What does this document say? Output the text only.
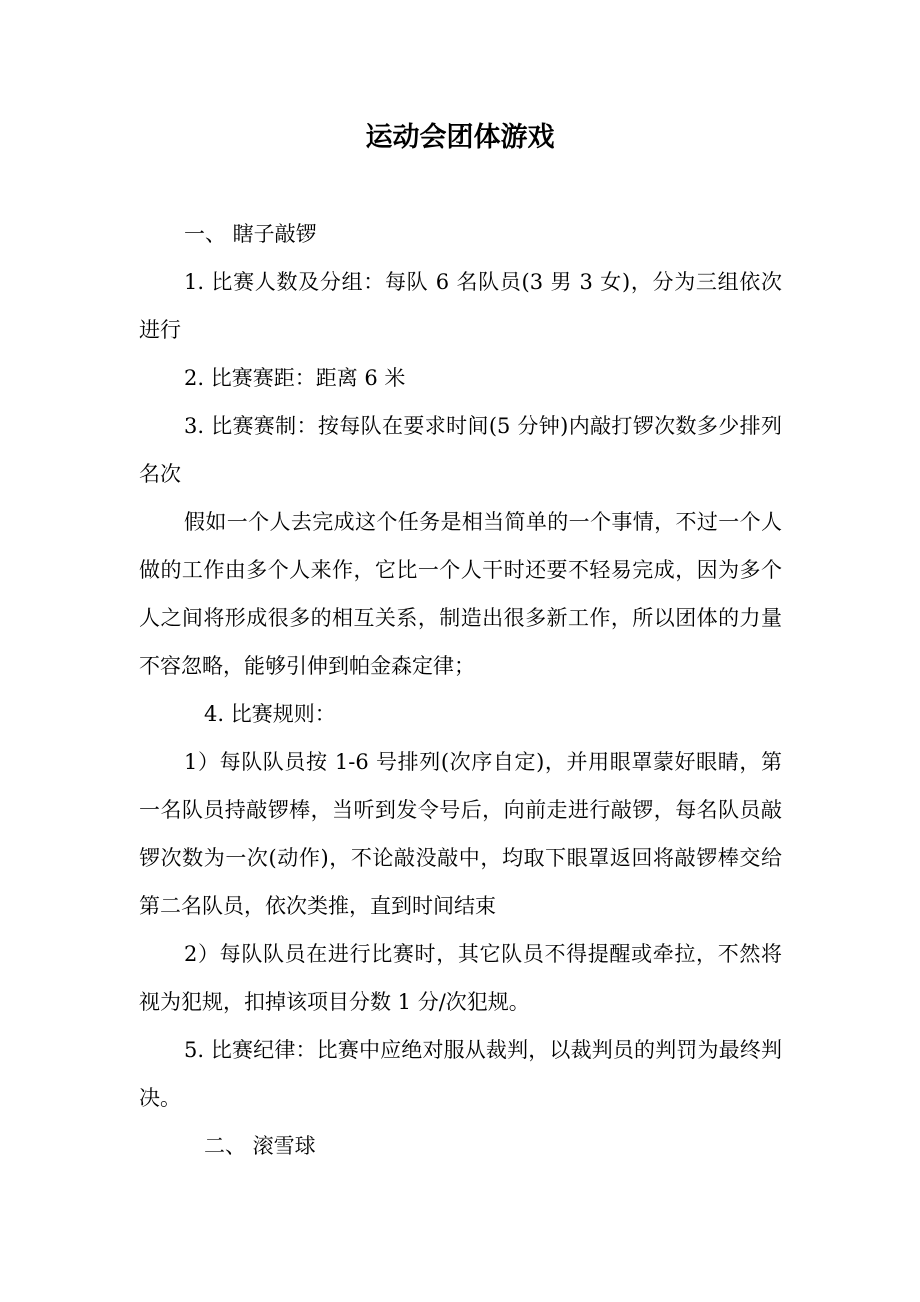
运动会团体游戏

一、 瞎子敲锣

1. 比赛人数及分组：每队 6 名队员(3 男 3 女)，分为三组依次进行

2. 比赛赛距：距离 6 米

3. 比赛赛制：按每队在要求时间(5 分钟)内敲打锣次数多少排列名次

假如一个人去完成这个任务是相当简单的一个事情，不过一个人做的工作由多个人来作，它比一个人干时还要不轻易完成，因为多个人之间将形成很多的相互关系，制造出很多新工作，所以团体的力量不容忽略，能够引伸到帕金森定律；

4. 比赛规则：

1）每队队员按 1-6 号排列(次序自定)，并用眼罩蒙好眼睛，第一名队员持敲锣棒，当听到发令号后，向前走进行敲锣，每名队员敲锣次数为一次(动作)，不论敲没敲中，均取下眼罩返回将敲锣棒交给第二名队员，依次类推，直到时间结束

2）每队队员在进行比赛时，其它队员不得提醒或牵拉，不然将视为犯规，扣掉该项目分数 1 分/次犯规。

5. 比赛纪律：比赛中应绝对服从裁判，以裁判员的判罚为最终判决。

二、 滚雪球
